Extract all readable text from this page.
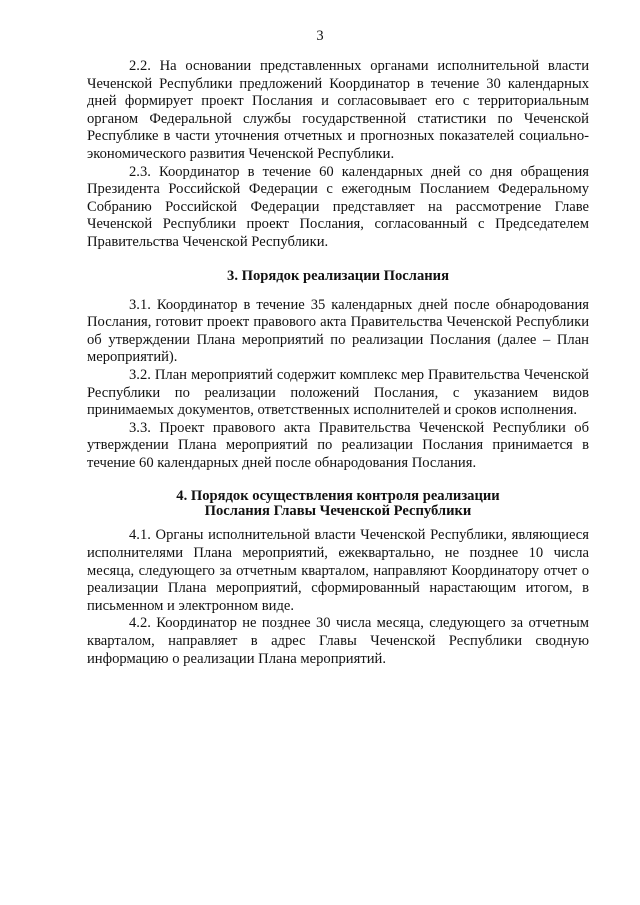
3

2.2. На основании представленных органами исполнительной власти Чеченской Республики предложений Координатор в течение 30 календарных дней формирует проект Послания и согласовывает его с территориальным органом Федеральной службы государственной статистики по Чеченской Республике в части уточнения отчетных и прогнозных показателей социально-экономического развития Чеченской Республики.

2.3. Координатор в течение 60 календарных дней со дня обращения Президента Российской Федерации с ежегодным Посланием Федеральному Собранию Российской Федерации представляет на рассмотрение Главе Чеченской Республики проект Послания, согласованный с Председателем Правительства Чеченской Республики.

3. Порядок реализации Послания

3.1. Координатор в течение 35 календарных дней после обнародования Послания, готовит проект правового акта Правительства Чеченской Республики об утверждении Плана мероприятий по реализации Послания (далее – План мероприятий).

3.2. План мероприятий содержит комплекс мер Правительства Чеченской Республики по реализации положений Послания, с указанием видов принимаемых документов, ответственных исполнителей и сроков исполнения.

3.3. Проект правового акта Правительства Чеченской Республики об утверждении Плана мероприятий по реализации Послания принимается в течение 60 календарных дней после обнародования Послания.

4. Порядок осуществления контроля реализации

Послания Главы Чеченской Республики

4.1. Органы исполнительной власти Чеченской Республики, являющиеся исполнителями Плана мероприятий, ежеквартально, не позднее 10 числа месяца, следующего за отчетным кварталом, направляют Координатору отчет о реализации Плана мероприятий, сформированный нарастающим итогом, в письменном и электронном виде.

4.2. Координатор не позднее 30 числа месяца, следующего за отчетным кварталом, направляет в адрес Главы Чеченской Республики сводную информацию о реализации Плана мероприятий.
